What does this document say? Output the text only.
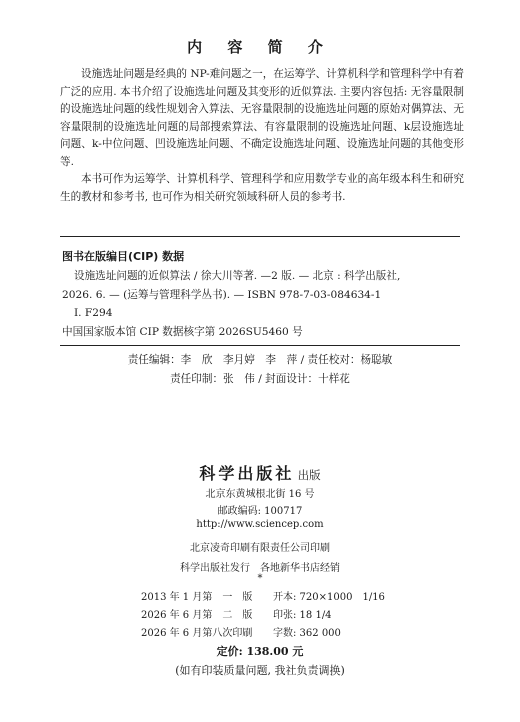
内 容 简 介

设施选址问题是经典的 NP-难问题之一，在运筹学、计算机科学和管理科学中有着广泛的应用. 本书介绍了设施选址问题及其变形的近似算法. 主要内容包括: 无容量限制的设施选址问题的线性规划舍入算法、无容量限制的设施选址问题的原始对偶算法、无容量限制的设施选址问题的局部搜索算法、有容量限制的设施选址问题、k层设施选址问题、k-中位问题、凹设施选址问题、不确定设施选址问题、设施选址问题的其他变形等.

本书可作为运筹学、计算机科学、管理科学和应用数学专业的高年级本科生和研究生的教材和参考书, 也可作为相关研究领域科研人员的参考书.

图书在版编目(CIP) 数据
设施选址问题的近似算法 / 徐大川等著. —2 版. — 北京 : 科学出版社,
2026. 6. — (运筹与管理科学丛书). — ISBN 978-7-03-084634-1
Ⅰ. F294
中国国家版本馆 CIP 数据核字第 2026SU5460 号
责任编辑：李　欣　李月婷　李　萍 / 责任校对：杨聪敏
责任印制：张　伟 / 封面设计：十样花
科学出版社 出版
北京东黄城根北街 16 号
邮政编码: 100717
http://www.sciencep.com
北京凌奇印刷有限责任公司印刷
科学出版社发行　各地新华书店经销
*
2013 年 1 月第　一　版 开本: 720×1000　1/16
2026 年 6 月第　二　版 印张: 18 1/4
2026 年 6 月第八次印刷 字数: 362 000
定价: 138.00 元
(如有印装质量问题, 我社负责调换)
